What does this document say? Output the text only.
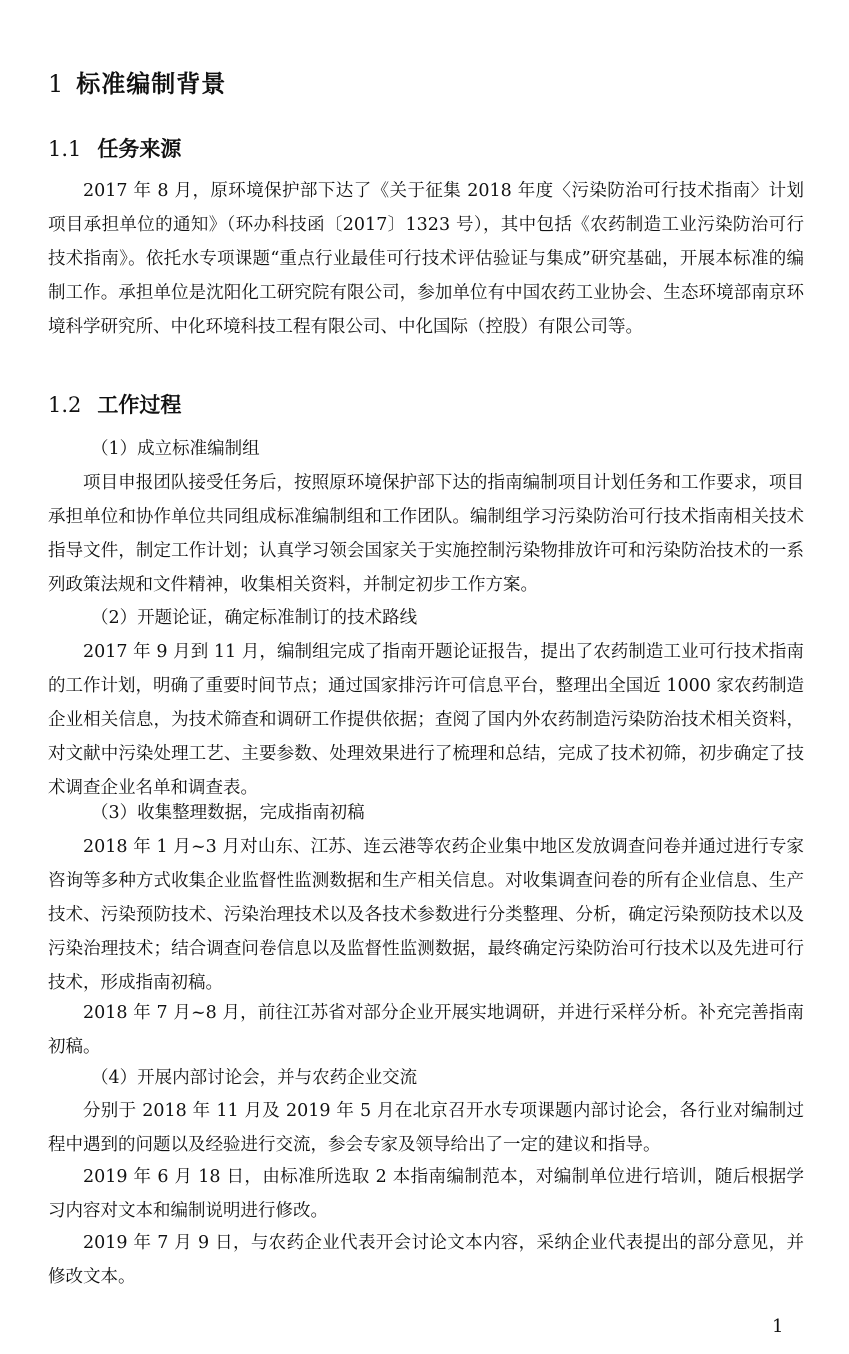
1 标准编制背景
1.1 任务来源

2017 年 8 月，原环境保护部下达了《关于征集 2018 年度〈污染防治可行技术指南〉计划项目承担单位的通知》（环办科技函〔2017〕1323 号），其中包括《农药制造工业污染防治可行技术指南》。依托水专项课题“重点行业最佳可行技术评估验证与集成”研究基础，开展本标准的编制工作。承担单位是沈阳化工研究院有限公司，参加单位有中国农药工业协会、生态环境部南京环境科学研究所、中化环境科技工程有限公司、中化国际（控股）有限公司等。

1.2 工作过程
（1）成立标准编制组

项目申报团队接受任务后，按照原环境保护部下达的指南编制项目计划任务和工作要求，项目承担单位和协作单位共同组成标准编制组和工作团队。编制组学习污染防治可行技术指南相关技术指导文件，制定工作计划；认真学习领会国家关于实施控制污染物排放许可和污染防治技术的一系列政策法规和文件精神，收集相关资料，并制定初步工作方案。

（2）开题论证，确定标准制订的技术路线

2017 年 9 月到 11 月，编制组完成了指南开题论证报告，提出了农药制造工业可行技术指南的工作计划，明确了重要时间节点；通过国家排污许可信息平台，整理出全国近 1000 家农药制造企业相关信息，为技术筛查和调研工作提供依据；查阅了国内外农药制造污染防治技术相关资料，对文献中污染处理工艺、主要参数、处理效果进行了梳理和总结，完成了技术初筛，初步确定了技术调查企业名单和调查表。

（3）收集整理数据，完成指南初稿

2018 年 1 月~3 月对山东、江苏、连云港等农药企业集中地区发放调查问卷并通过进行专家咨询等多种方式收集企业监督性监测数据和生产相关信息。对收集调查问卷的所有企业信息、生产技术、污染预防技术、污染治理技术以及各技术参数进行分类整理、分析，确定污染预防技术以及污染治理技术；结合调查问卷信息以及监督性监测数据，最终确定污染防治可行技术以及先进可行技术，形成指南初稿。

2018 年 7 月~8 月，前往江苏省对部分企业开展实地调研，并进行采样分析。补充完善指南初稿。

（4）开展内部讨论会，并与农药企业交流

分别于 2018 年 11 月及 2019 年 5 月在北京召开水专项课题内部讨论会，各行业对编制过程中遇到的问题以及经验进行交流，参会专家及领导给出了一定的建议和指导。

2019 年 6 月 18 日，由标准所选取 2 本指南编制范本，对编制单位进行培训，随后根据学习内容对文本和编制说明进行修改。

2019 年 7 月 9 日，与农药企业代表开会讨论文本内容，采纳企业代表提出的部分意见，并修改文本。

1
